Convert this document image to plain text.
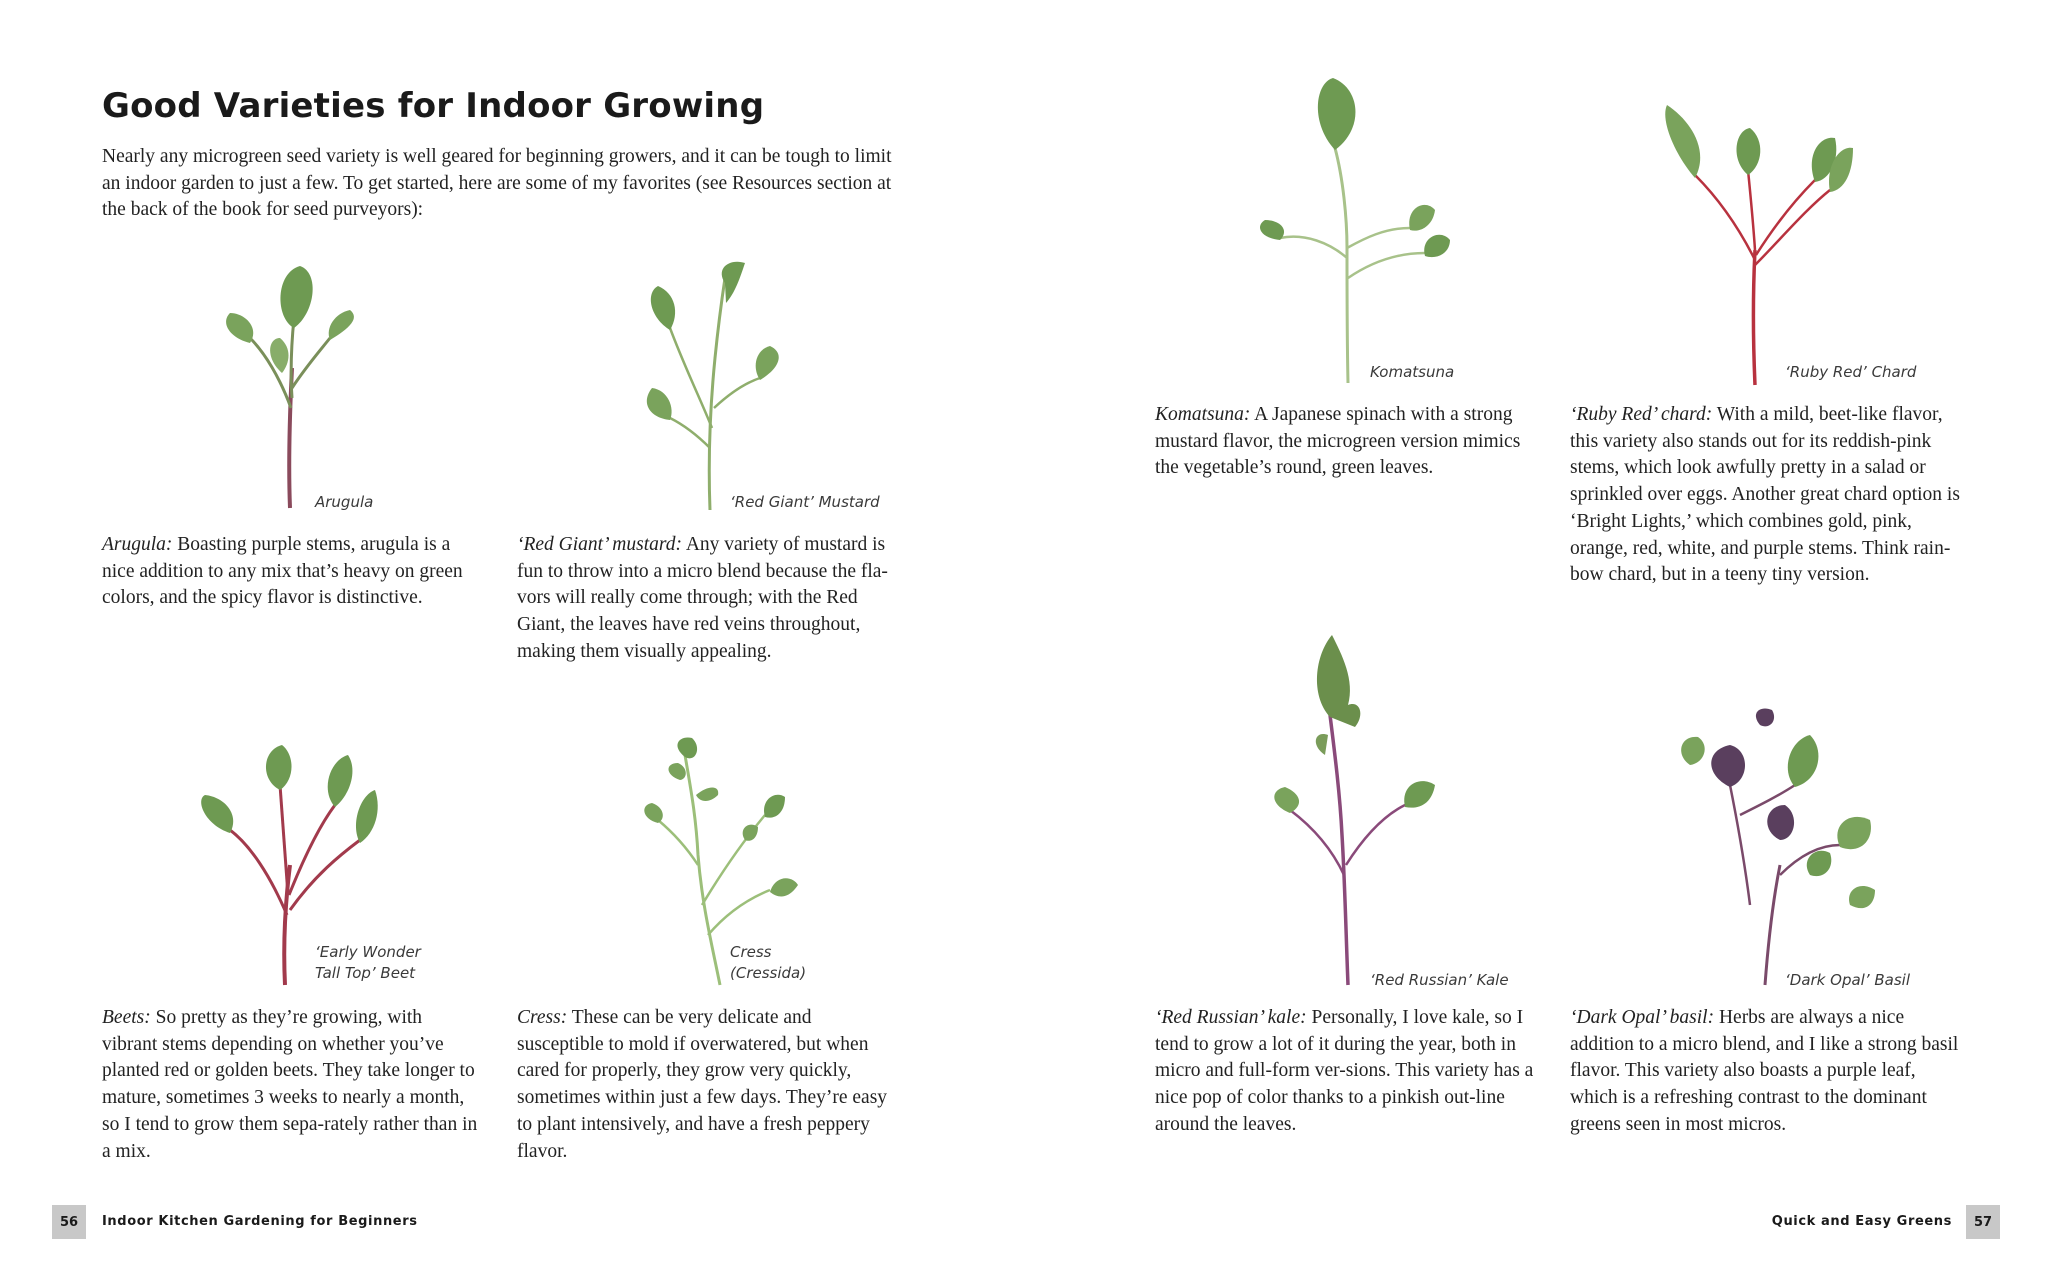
Good Varieties for Indoor Growing

Nearly any microgreen seed variety is well geared for beginning growers, and it can be tough to limit an indoor garden to just a few. To get started, here are some of my favorites (see Resources section at the back of the book for seed purveyors):

Arugula	‘Red Giant’ Mustard
‘Early Wonder
Tall Top’ Beet
Cress
(Cressida)
Komatsuna	‘Ruby Red’ Chard
‘Red Russian’ Kale	‘Dark Opal’ Basil

Arugula: Boasting purple stems, arugula is a nice addition to any mix that’s heavy on green colors, and the spicy flavor is distinctive.

‘Red Giant’ mustard: Any variety of mustard is fun to throw into a micro blend because the fla-vors will really come through; with the Red Giant, the leaves have red veins throughout, making them visually appealing.

Beets: So pretty as they’re growing, with vibrant stems depending on whether you’ve planted red or golden beets. They take longer to mature, sometimes 3 weeks to nearly a month, so I tend to grow them sepa-rately rather than in a mix.

Cress: These can be very delicate and susceptible to mold if overwatered, but when cared for properly, they grow very quickly, sometimes within just a few days. They’re easy to plant intensively, and have a fresh peppery flavor.

Komatsuna: A Japanese spinach with a strong mustard flavor, the microgreen version mimics the vegetable’s round, green leaves.

‘Ruby Red’ chard: With a mild, beet-like flavor, this variety also stands out for its reddish-pink stems, which look awfully pretty in a salad or sprinkled over eggs. Another great chard option is ‘Bright Lights,’ which combines gold, pink, orange, red, white, and purple stems. Think rain-bow chard, but in a teeny tiny version.

‘Red Russian’ kale: Personally, I love kale, so I tend to grow a lot of it during the year, both in micro and full-form ver-sions. This variety has a nice pop of color thanks to a pinkish out-line around the leaves.

‘Dark Opal’ basil: Herbs are always a nice addition to a micro blend, and I like a strong basil flavor. This variety also boasts a purple leaf, which is a refreshing contrast to the dominant greens seen in most micros.

56	Indoor Kitchen Gardening for Beginners	Quick and Easy Greens	57
